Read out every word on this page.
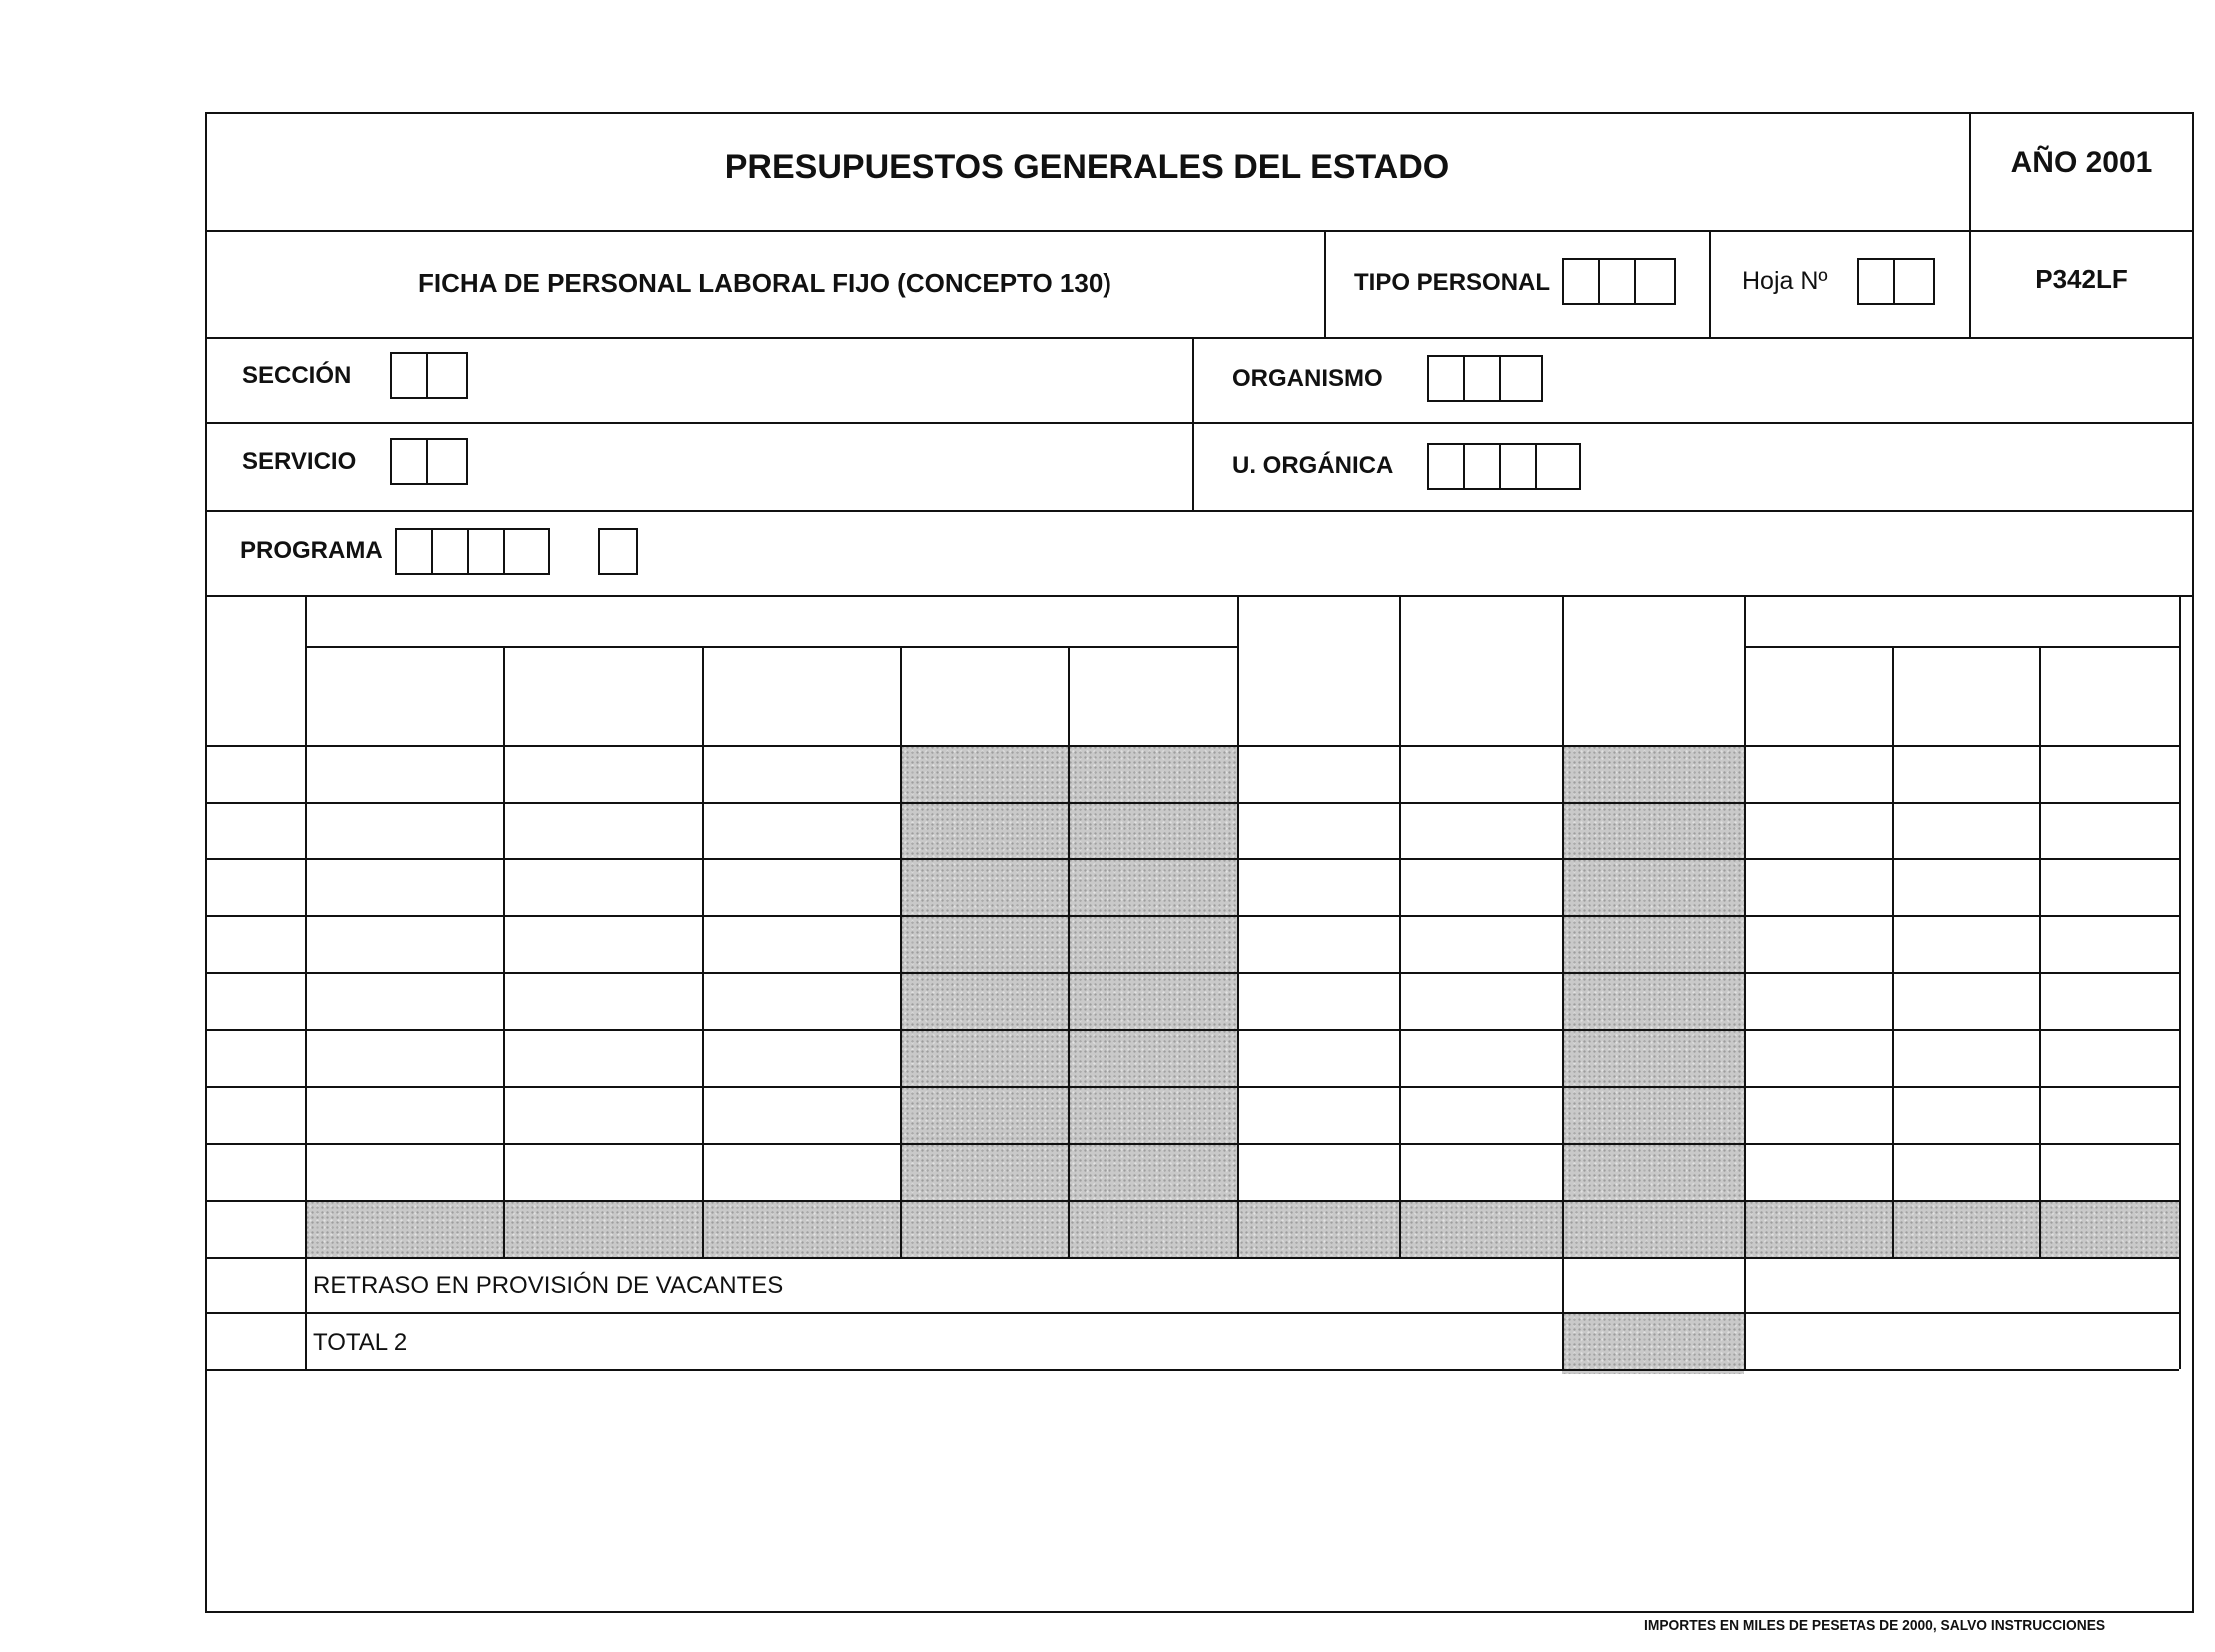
PRESUPUESTOS GENERALES DEL ESTADO	AÑO 2001
FICHA DE PERSONAL LABORAL FIJO (CONCEPTO 130)	TIPO PERSONAL	Hoja Nº	P342LF
SECCIÓN	ORGANISMO
SERVICIO	U. ORGÁNICA
PROGRAMA
RETRASO EN PROVISIÓN DE VACANTES
TOTAL 2
IMPORTES EN MILES DE PESETAS DE 2000, SALVO INSTRUCCIONES
